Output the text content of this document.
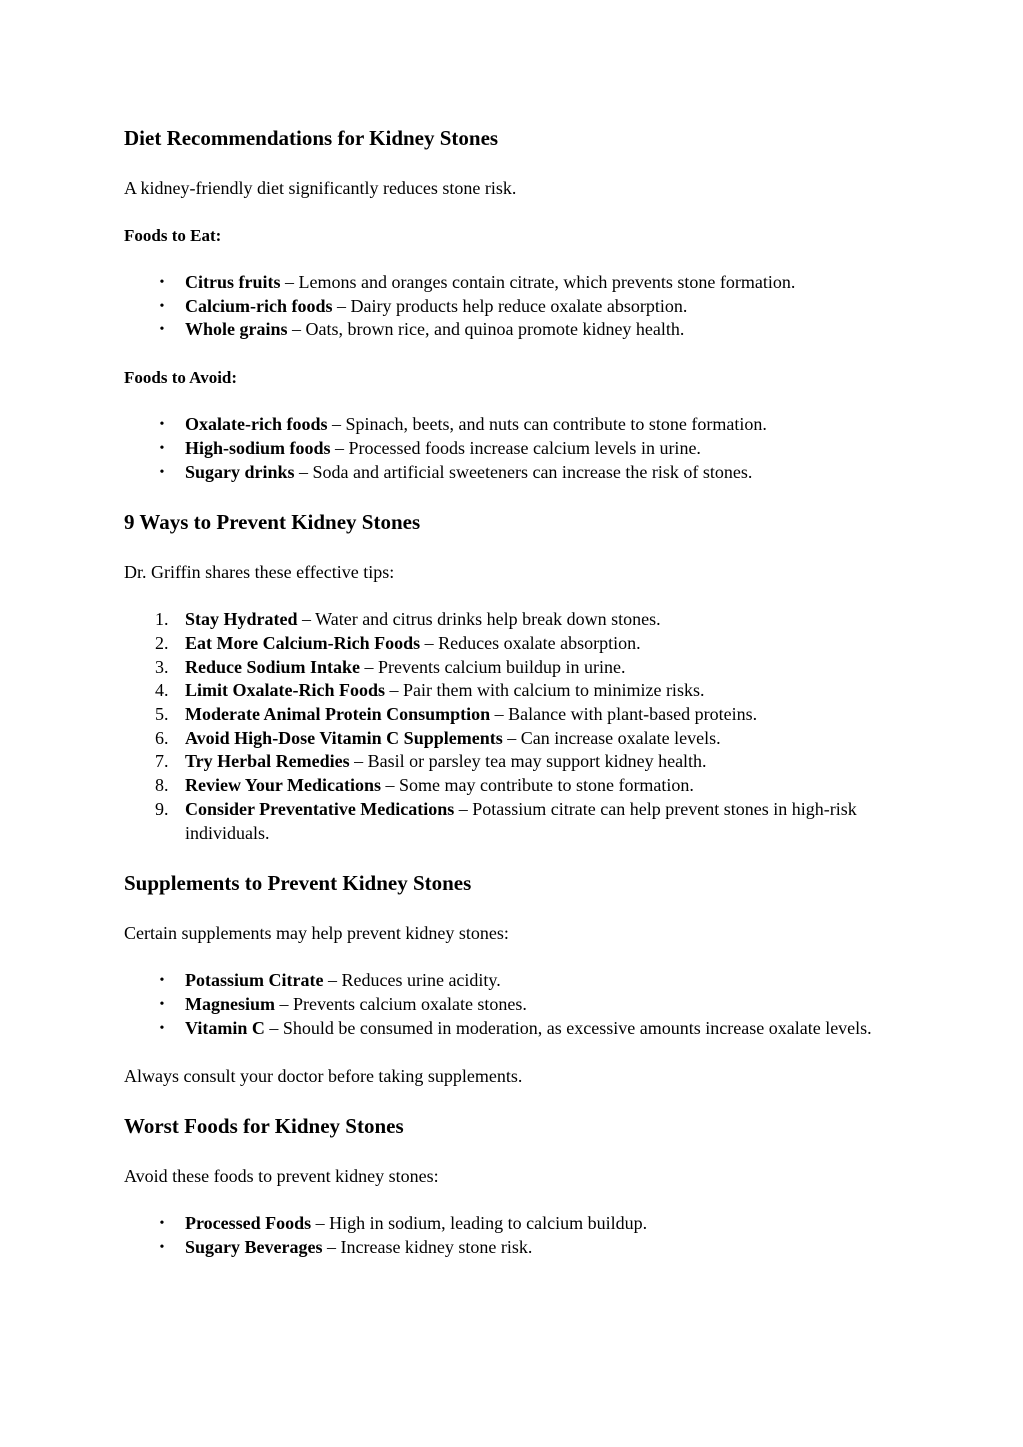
Diet Recommendations for Kidney Stones

A kidney-friendly diet significantly reduces stone risk.

Foods to Eat:
• Citrus fruits – Lemons and oranges contain citrate, which prevents stone formation.
• Calcium-rich foods – Dairy products help reduce oxalate absorption.
• Whole grains – Oats, brown rice, and quinoa promote kidney health.
Foods to Avoid:
• Oxalate-rich foods – Spinach, beets, and nuts can contribute to stone formation.
• High-sodium foods – Processed foods increase calcium levels in urine.
• Sugary drinks – Soda and artificial sweeteners can increase the risk of stones.
9 Ways to Prevent Kidney Stones

Dr. Griffin shares these effective tips:

1. Stay Hydrated – Water and citrus drinks help break down stones.
2. Eat More Calcium-Rich Foods – Reduces oxalate absorption.
3. Reduce Sodium Intake – Prevents calcium buildup in urine.
4. Limit Oxalate-Rich Foods – Pair them with calcium to minimize risks.
5. Moderate Animal Protein Consumption – Balance with plant-based proteins.
6. Avoid High-Dose Vitamin C Supplements – Can increase oxalate levels.
7. Try Herbal Remedies – Basil or parsley tea may support kidney health.
8. Review Your Medications – Some may contribute to stone formation.
9. Consider Preventative Medications – Potassium citrate can help prevent stones in high-risk individuals.
Supplements to Prevent Kidney Stones

Certain supplements may help prevent kidney stones:

• Potassium Citrate – Reduces urine acidity.
• Magnesium – Prevents calcium oxalate stones.
• Vitamin C – Should be consumed in moderation, as excessive amounts increase oxalate levels.

Always consult your doctor before taking supplements.

Worst Foods for Kidney Stones

Avoid these foods to prevent kidney stones:

• Processed Foods – High in sodium, leading to calcium buildup.
• Sugary Beverages – Increase kidney stone risk.
